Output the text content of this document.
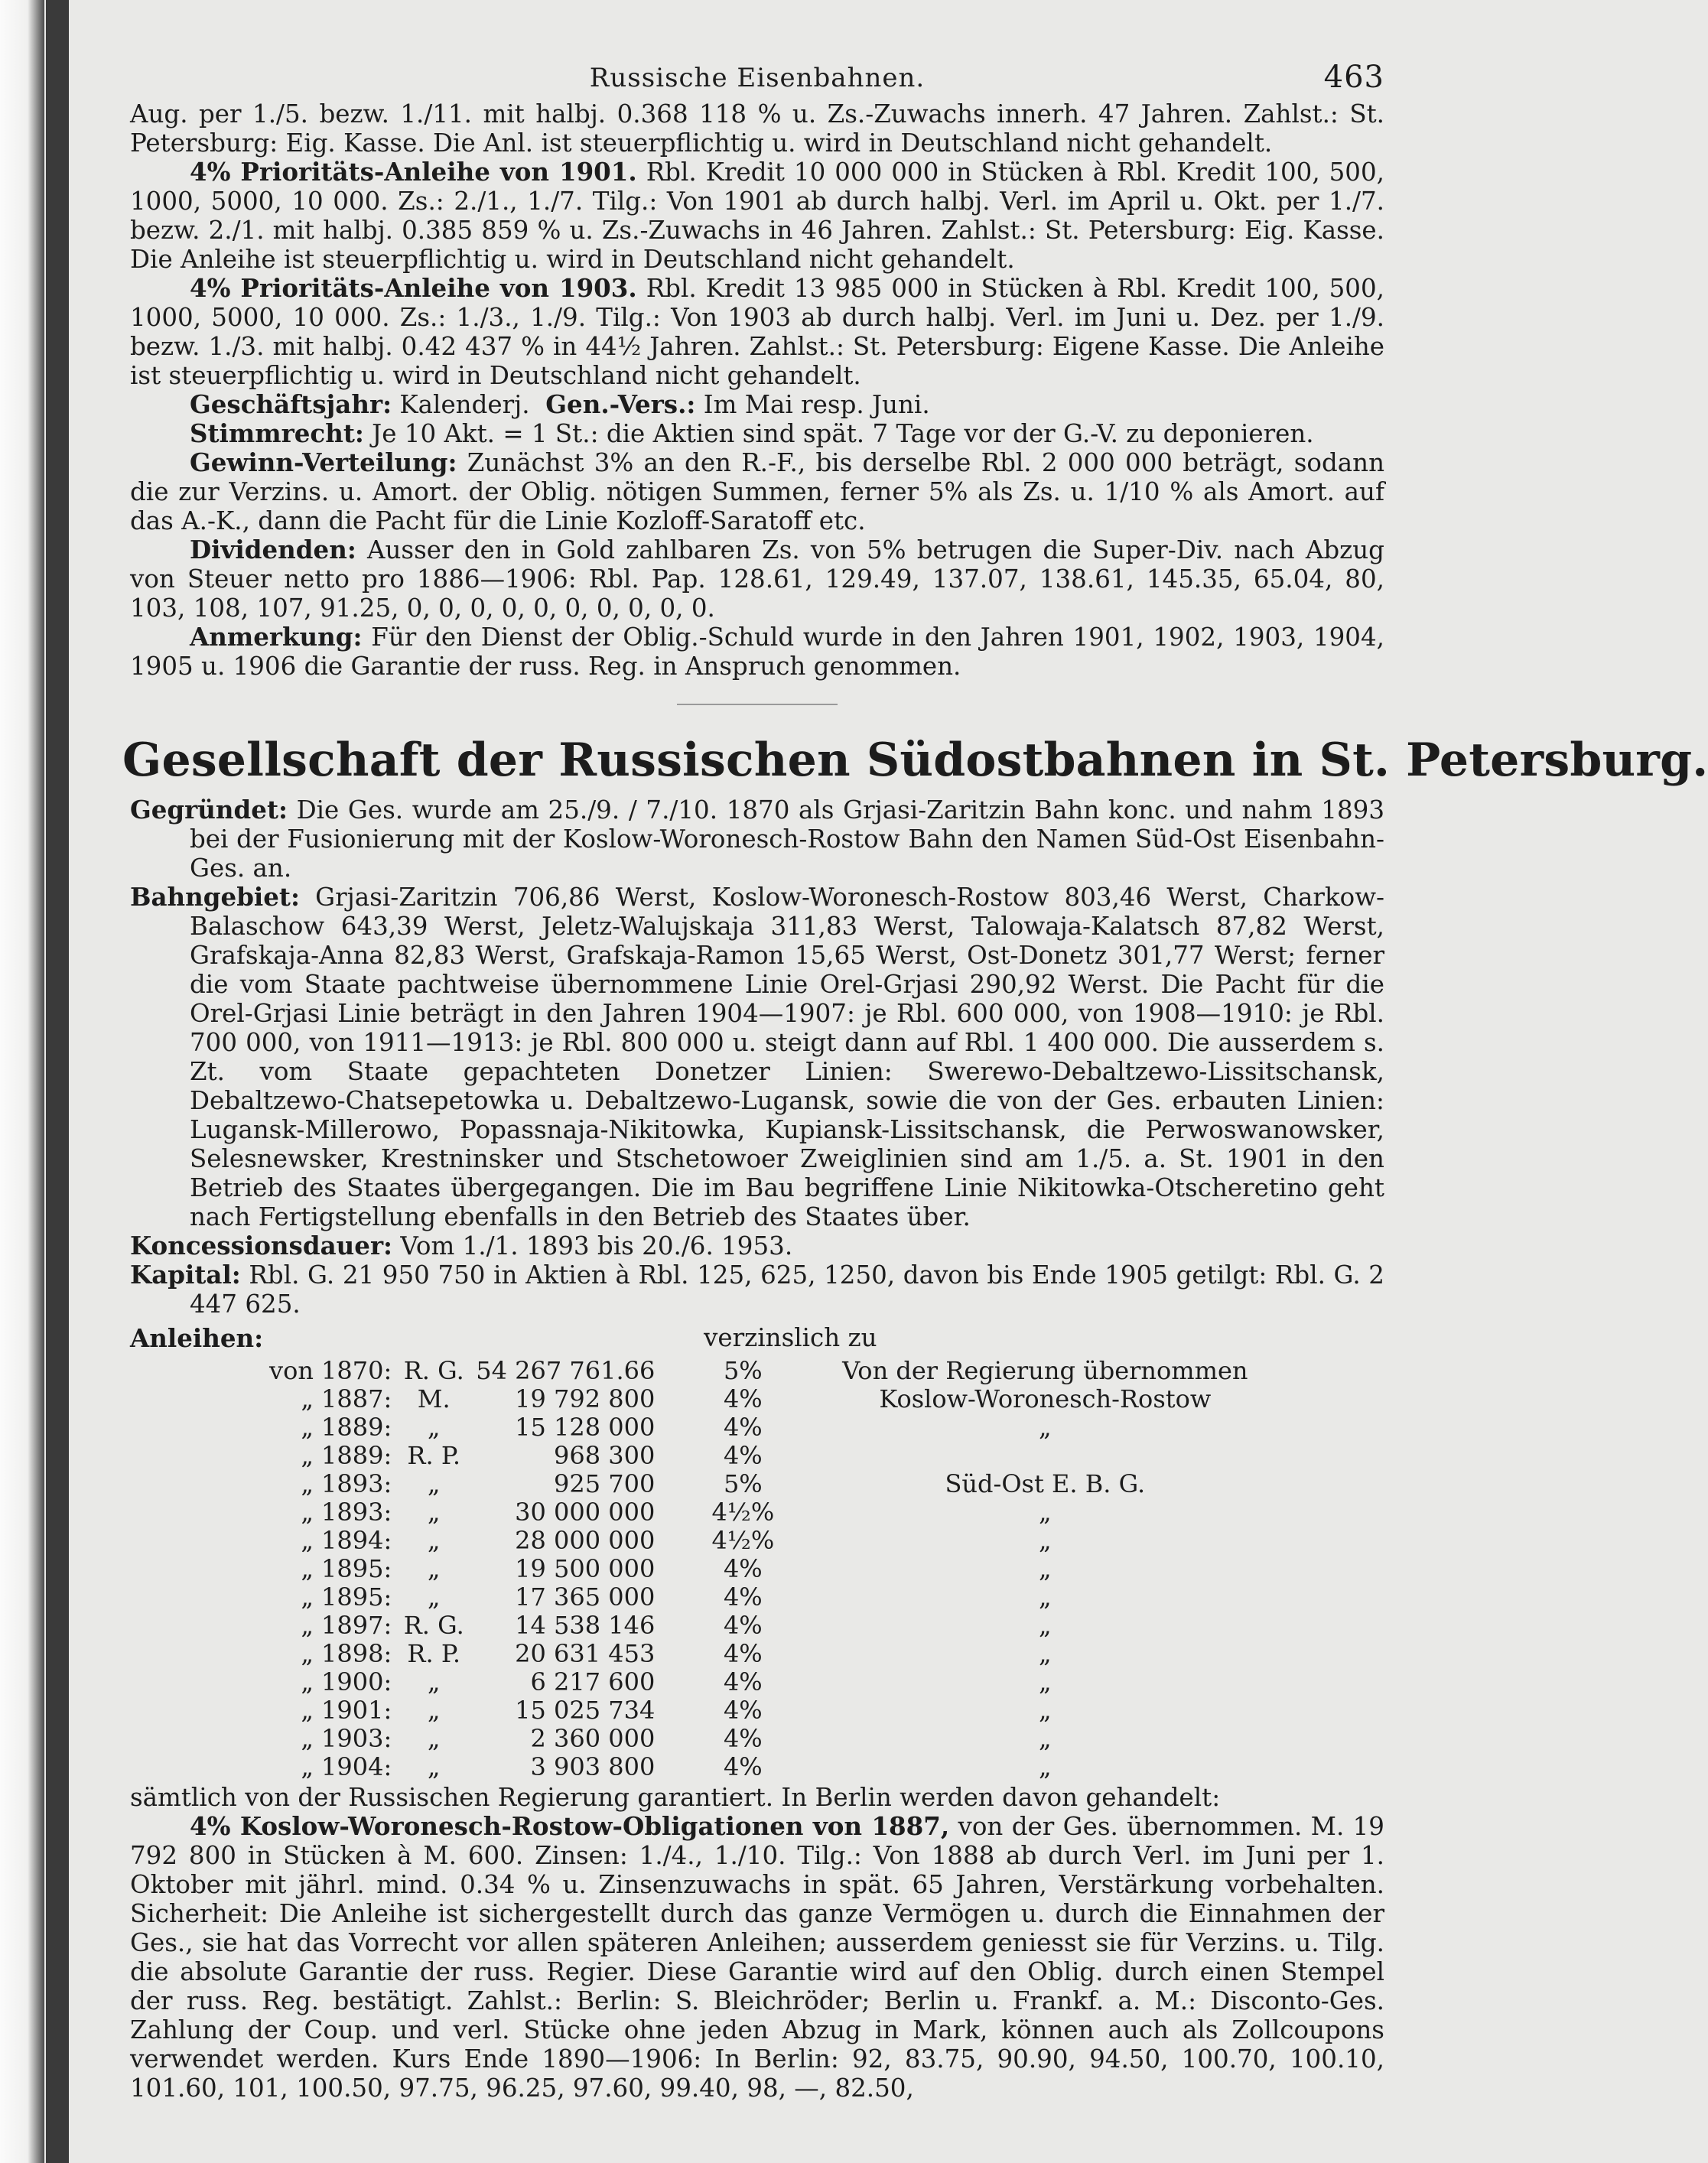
Russische Eisenbahnen.	463

Aug. per 1./5. bezw. 1./11. mit halbj. 0.368 118 % u. Zs.-Zuwachs innerh. 47 Jahren. Zahlst.: St. Petersburg: Eig. Kasse. Die Anl. ist steuerpflichtig u. wird in Deutschland nicht gehandelt.

4% Prioritäts-Anleihe von 1901. Rbl. Kredit 10 000 000 in Stücken à Rbl. Kredit 100, 500, 1000, 5000, 10 000. Zs.: 2./1., 1./7. Tilg.: Von 1901 ab durch halbj. Verl. im April u. Okt. per 1./7. bezw. 2./1. mit halbj. 0.385 859 % u. Zs.-Zuwachs in 46 Jahren. Zahlst.: St. Petersburg: Eig. Kasse. Die Anleihe ist steuerpflichtig u. wird in Deutschland nicht gehandelt.

4% Prioritäts-Anleihe von 1903. Rbl. Kredit 13 985 000 in Stücken à Rbl. Kredit 100, 500, 1000, 5000, 10 000. Zs.: 1./3., 1./9. Tilg.: Von 1903 ab durch halbj. Verl. im Juni u. Dez. per 1./9. bezw. 1./3. mit halbj. 0.42 437 % in 44½ Jahren. Zahlst.: St. Petersburg: Eigene Kasse. Die Anleihe ist steuerpflichtig u. wird in Deutschland nicht gehandelt.

Geschäftsjahr: Kalenderj. Gen.-Vers.: Im Mai resp. Juni.

Stimmrecht: Je 10 Akt. = 1 St.: die Aktien sind spät. 7 Tage vor der G.-V. zu deponieren.

Gewinn-Verteilung: Zunächst 3% an den R.-F., bis derselbe Rbl. 2 000 000 beträgt, sodann die zur Verzins. u. Amort. der Oblig. nötigen Summen, ferner 5% als Zs. u. 1/10 % als Amort. auf das A.-K., dann die Pacht für die Linie Kozloff-Saratoff etc.

Dividenden: Ausser den in Gold zahlbaren Zs. von 5% betrugen die Super-Div. nach Abzug von Steuer netto pro 1886—1906: Rbl. Pap. 128.61, 129.49, 137.07, 138.61, 145.35, 65.04, 80, 103, 108, 107, 91.25, 0, 0, 0, 0, 0, 0, 0, 0, 0, 0.

Anmerkung: Für den Dienst der Oblig.-Schuld wurde in den Jahren 1901, 1902, 1903, 1904, 1905 u. 1906 die Garantie der russ. Reg. in Anspruch genommen.

Gesellschaft der Russischen Südostbahnen in St. Petersburg.

Gegründet: Die Ges. wurde am 25./9. / 7./10. 1870 als Grjasi-Zaritzin Bahn konc. und nahm 1893 bei der Fusionierung mit der Koslow-Woronesch-Rostow Bahn den Namen Süd-Ost Eisenbahn-Ges. an.

Bahngebiet: Grjasi-Zaritzin 706,86 Werst, Koslow-Woronesch-Rostow 803,46 Werst, Charkow-Balaschow 643,39 Werst, Jeletz-Walujskaja 311,83 Werst, Talowaja-Kalatsch 87,82 Werst, Grafskaja-Anna 82,83 Werst, Grafskaja-Ramon 15,65 Werst, Ost-Donetz 301,77 Werst; ferner die vom Staate pachtweise übernommene Linie Orel-Grjasi 290,92 Werst. Die Pacht für die Orel-Grjasi Linie beträgt in den Jahren 1904—1907: je Rbl. 600 000, von 1908—1910: je Rbl. 700 000, von 1911—1913: je Rbl. 800 000 u. steigt dann auf Rbl. 1 400 000. Die ausserdem s. Zt. vom Staate gepachteten Donetzer Linien: Swerewo-Debaltzewo-Lissitschansk, Debaltzewo-Chatsepetowka u. Debaltzewo-Lugansk, sowie die von der Ges. erbauten Linien: Lugansk-Millerowo, Popassnaja-Nikitowka, Kupiansk-Lissitschansk, die Perwoswanowsker, Selesnewsker, Krestninsker und Stschetowoer Zweiglinien sind am 1./5. a. St. 1901 in den Betrieb des Staates übergegangen. Die im Bau begriffene Linie Nikitowka-Otscheretino geht nach Fertigstellung ebenfalls in den Betrieb des Staates über.

Koncessionsdauer: Vom 1./1. 1893 bis 20./6. 1953.

Kapital: Rbl. G. 21 950 750 in Aktien à Rbl. 125, 625, 1250, davon bis Ende 1905 getilgt: Rbl. G. 2 447 625.

Anleihen:	verzinslich zu
von	1870:	R. G.	54 267 761.66	5%	Von der Regierung übernommen
„	1887:	M.	19 792 800	4%	Koslow-Woronesch-Rostow
„	1889:	„	15 128 000	4%	„
„	1889:	R. P.	968 300	4%	
„	1893:	„	925 700	5%	Süd-Ost E. B. G.
„	1893:	„	30 000 000	4½%	„
„	1894:	„	28 000 000	4½%	„
„	1895:	„	19 500 000	4%	„
„	1895:	„	17 365 000	4%	„
„	1897:	R. G.	14 538 146	4%	„
„	1898:	R. P.	20 631 453	4%	„
„	1900:	„	6 217 600	4%	„
„	1901:	„	15 025 734	4%	„
„	1903:	„	2 360 000	4%	„
„	1904:	„	3 903 800	4%	„

sämtlich von der Russischen Regierung garantiert. In Berlin werden davon gehandelt:

4% Koslow-Woronesch-Rostow-Obligationen von 1887, von der Ges. übernommen. M. 19 792 800 in Stücken à M. 600. Zinsen: 1./4., 1./10. Tilg.: Von 1888 ab durch Verl. im Juni per 1. Oktober mit jährl. mind. 0.34 % u. Zinsenzuwachs in spät. 65 Jahren, Verstärkung vorbehalten. Sicherheit: Die Anleihe ist sichergestellt durch das ganze Vermögen u. durch die Einnahmen der Ges., sie hat das Vorrecht vor allen späteren Anleihen; ausserdem geniesst sie für Verzins. u. Tilg. die absolute Garantie der russ. Regier. Diese Garantie wird auf den Oblig. durch einen Stempel der russ. Reg. bestätigt. Zahlst.: Berlin: S. Bleichröder; Berlin u. Frankf. a. M.: Disconto-Ges. Zahlung der Coup. und verl. Stücke ohne jeden Abzug in Mark, können auch als Zollcoupons verwendet werden. Kurs Ende 1890—1906: In Berlin: 92, 83.75, 90.90, 94.50, 100.70, 100.10, 101.60, 101, 100.50, 97.75, 96.25, 97.60, 99.40, 98, —, 82.50,
